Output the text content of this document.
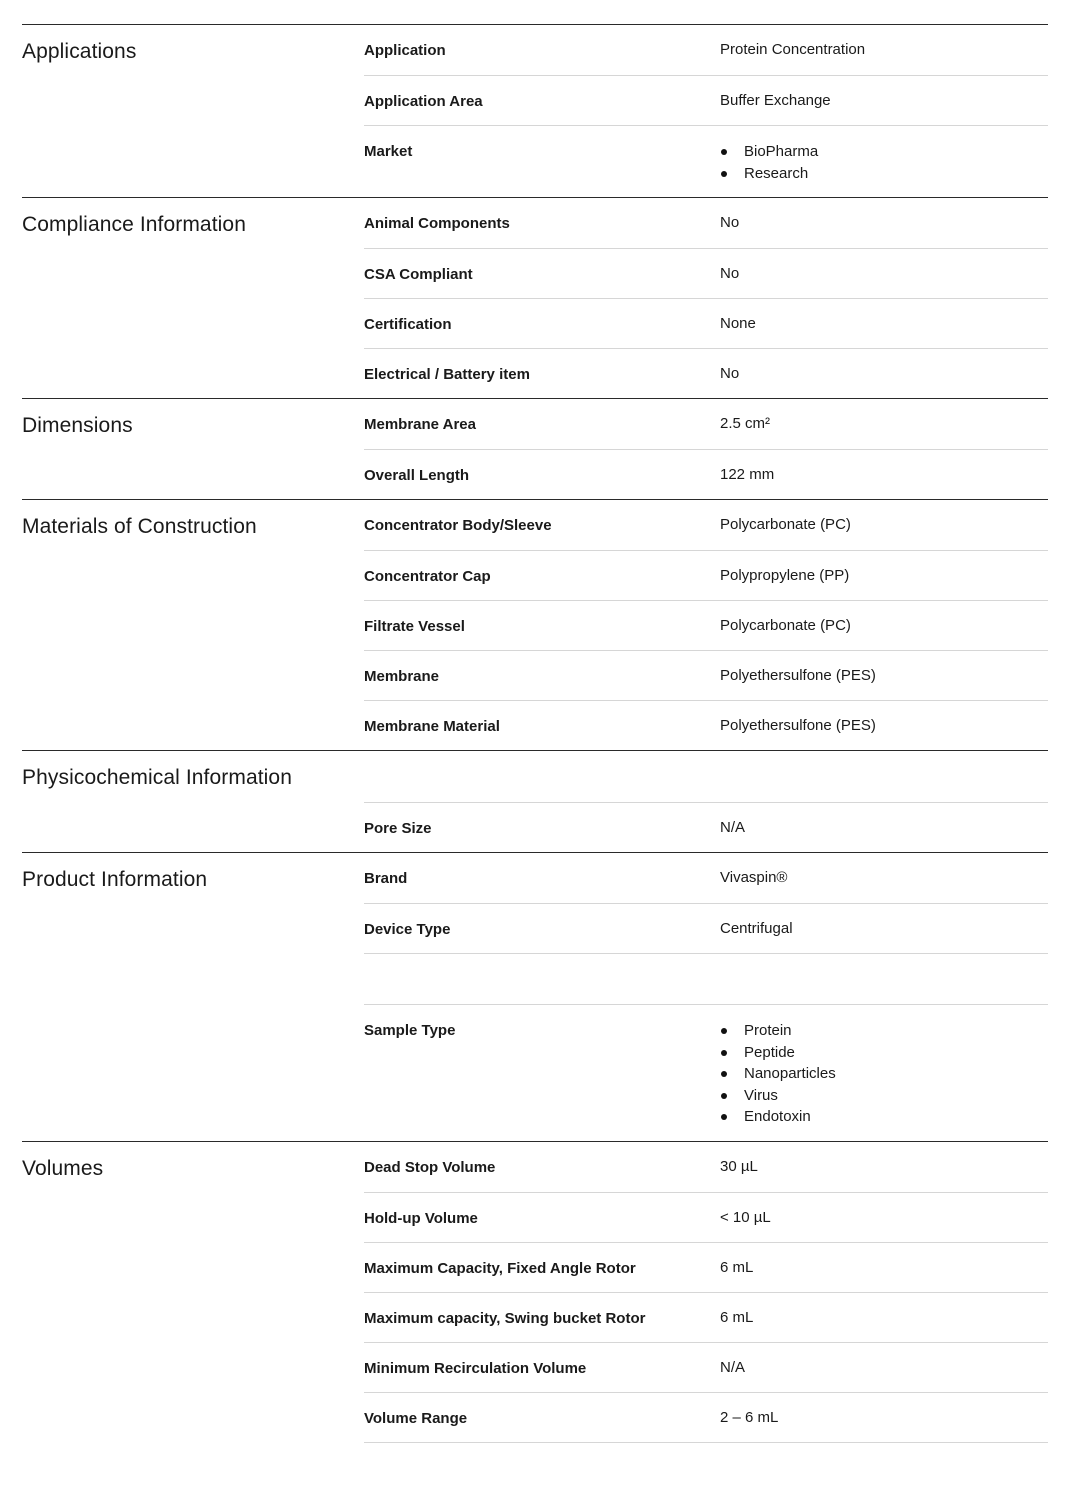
Applications	Application	Protein Concentration
Application Area	Buffer Exchange
Market	BioPharma
Research
Compliance Information	Animal Components	No
CSA Compliant	No
Certification	None
Electrical / Battery item	No
Dimensions	Membrane Area	2.5 cm²
Overall Length	122 mm
Materials of Construction	Concentrator Body/Sleeve	Polycarbonate (PC)
Concentrator Cap	Polypropylene (PP)
Filtrate Vessel	Polycarbonate (PC)
Membrane	Polyethersulfone (PES)
Membrane Material	Polyethersulfone (PES)
Physicochemical Information
Pore Size	N/A
Product Information	Brand	Vivaspin®
Device Type	Centrifugal
Sample Type	Protein
Peptide
Nanoparticles
Virus
Endotoxin
Volumes	Dead Stop Volume	30 µL
Hold-up Volume	< 10 µL
Maximum Capacity, Fixed Angle Rotor	6 mL
Maximum capacity, Swing bucket Rotor	6 mL
Minimum Recirculation Volume	N/A
Volume Range	2 – 6 mL
